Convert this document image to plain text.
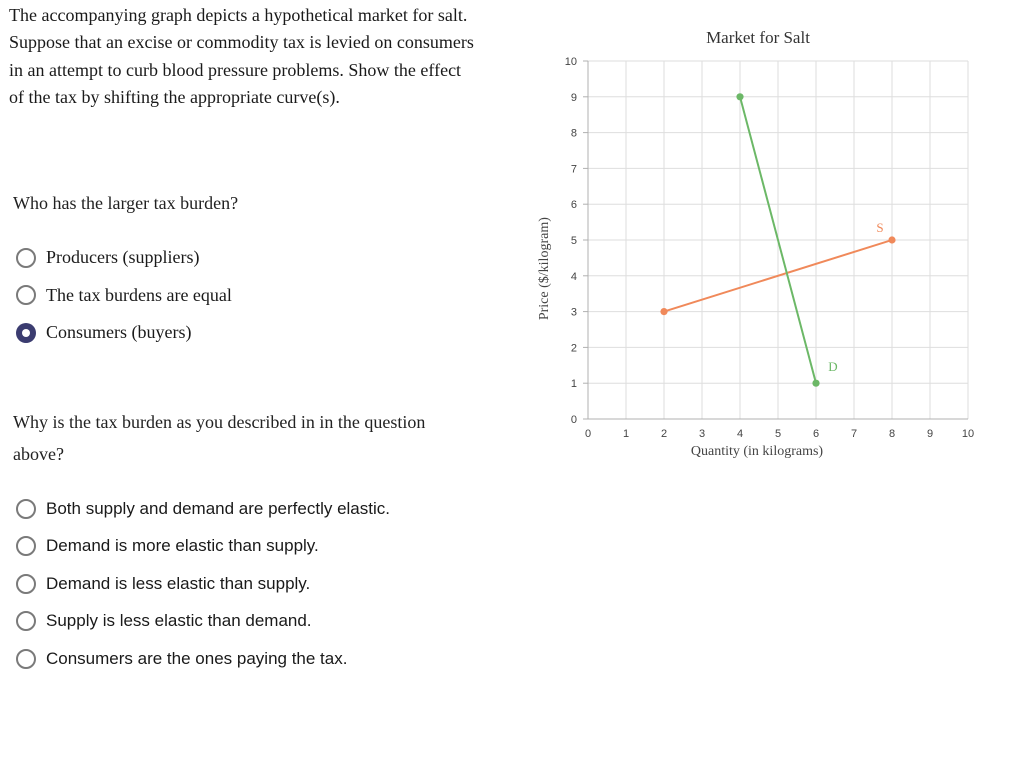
The accompanying graph depicts a hypothetical market for salt. Suppose that an excise or commodity tax is levied on consumers in an attempt to curb blood pressure problems. Show the effect of the tax by shifting the appropriate curve(s).

Who has the larger tax burden?

Producers (suppliers)
The tax burdens are equal
Consumers (buyers)

Why is the tax burden as you described in in the question above?

Both supply and demand are perfectly elastic.
Demand is more elastic than supply.
Demand is less elastic than supply.
Supply is less elastic than demand.
Consumers are the ones paying the tax.
0
1
2
3
4
5
6
7
8
9
10
0	1	2	3	4	5	6	7	8	9	10
Market for Salt
Quantity (in kilograms)
Price ($/kilogram)	S
D
